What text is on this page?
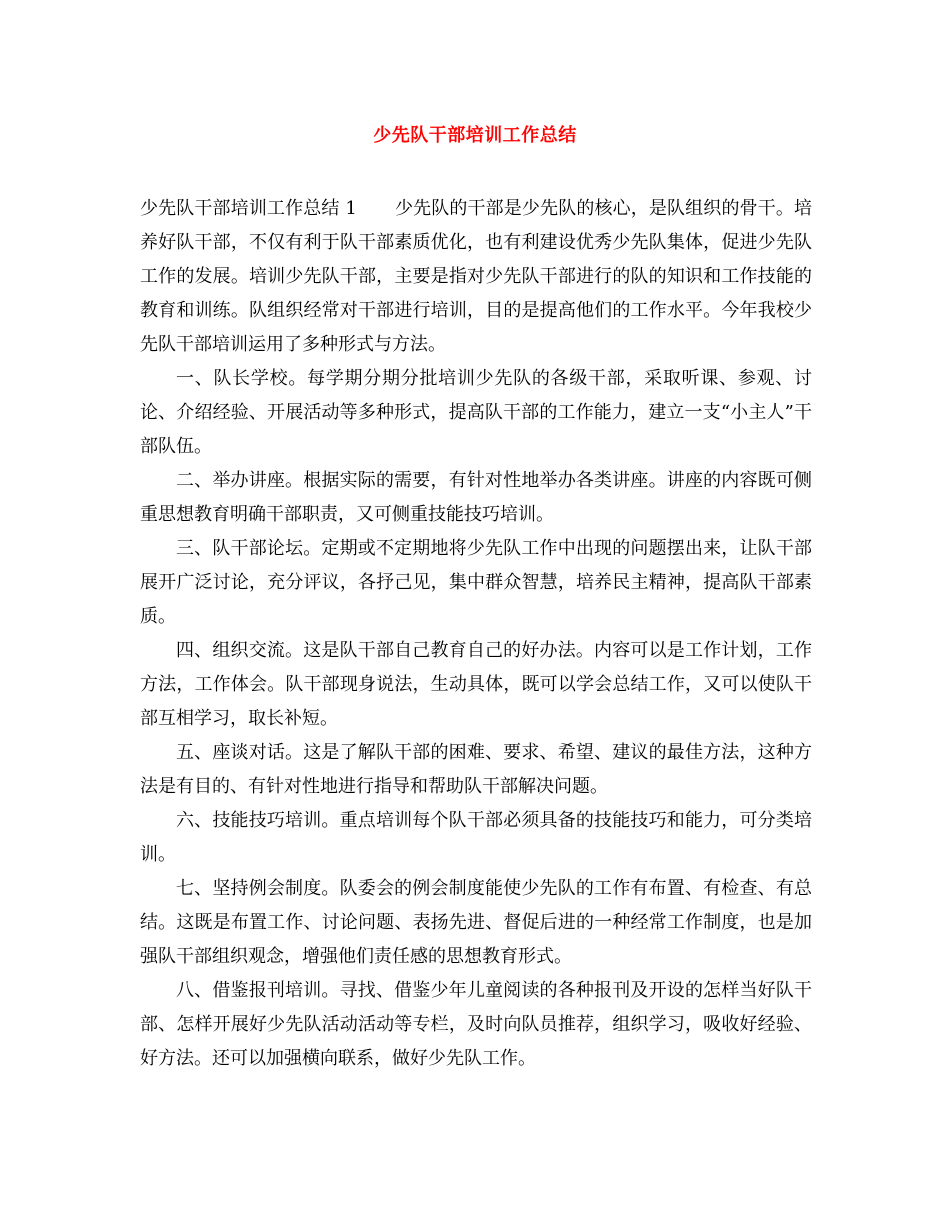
少先队干部培训工作总结

少先队干部培训工作总结 1 少先队的干部是少先队的核心，是队组织的骨干。培养好队干部，不仅有利于队干部素质优化，也有利建设优秀少先队集体，促进少先队工作的发展。培训少先队干部，主要是指对少先队干部进行的队的知识和工作技能的教育和训练。队组织经常对干部进行培训，目的是提高他们的工作水平。今年我校少先队干部培训运用了多种形式与方法。

一、队长学校。每学期分期分批培训少先队的各级干部，采取听课、参观、讨论、介绍经验、开展活动等多种形式，提高队干部的工作能力，建立一支“小主人”干部队伍。

二、举办讲座。根据实际的需要，有针对性地举办各类讲座。讲座的内容既可侧重思想教育明确干部职责，又可侧重技能技巧培训。

三、队干部论坛。定期或不定期地将少先队工作中出现的问题摆出来，让队干部展开广泛讨论，充分评议，各抒己见，集中群众智慧，培养民主精神，提高队干部素质。

四、组织交流。这是队干部自己教育自己的好办法。内容可以是工作计划，工作方法，工作体会。队干部现身说法，生动具体，既可以学会总结工作，又可以使队干部互相学习，取长补短。

五、座谈对话。这是了解队干部的困难、要求、希望、建议的最佳方法，这种方法是有目的、有针对性地进行指导和帮助队干部解决问题。

六、技能技巧培训。重点培训每个队干部必须具备的技能技巧和能力，可分类培训。

七、坚持例会制度。队委会的例会制度能使少先队的工作有布置、有检查、有总结。这既是布置工作、讨论问题、表扬先进、督促后进的一种经常工作制度，也是加强队干部组织观念，增强他们责任感的思想教育形式。

八、借鉴报刊培训。寻找、借鉴少年儿童阅读的各种报刊及开设的怎样当好队干部、怎样开展好少先队活动活动等专栏，及时向队员推荐，组织学习，吸收好经验、好方法。还可以加强横向联系，做好少先队工作。
